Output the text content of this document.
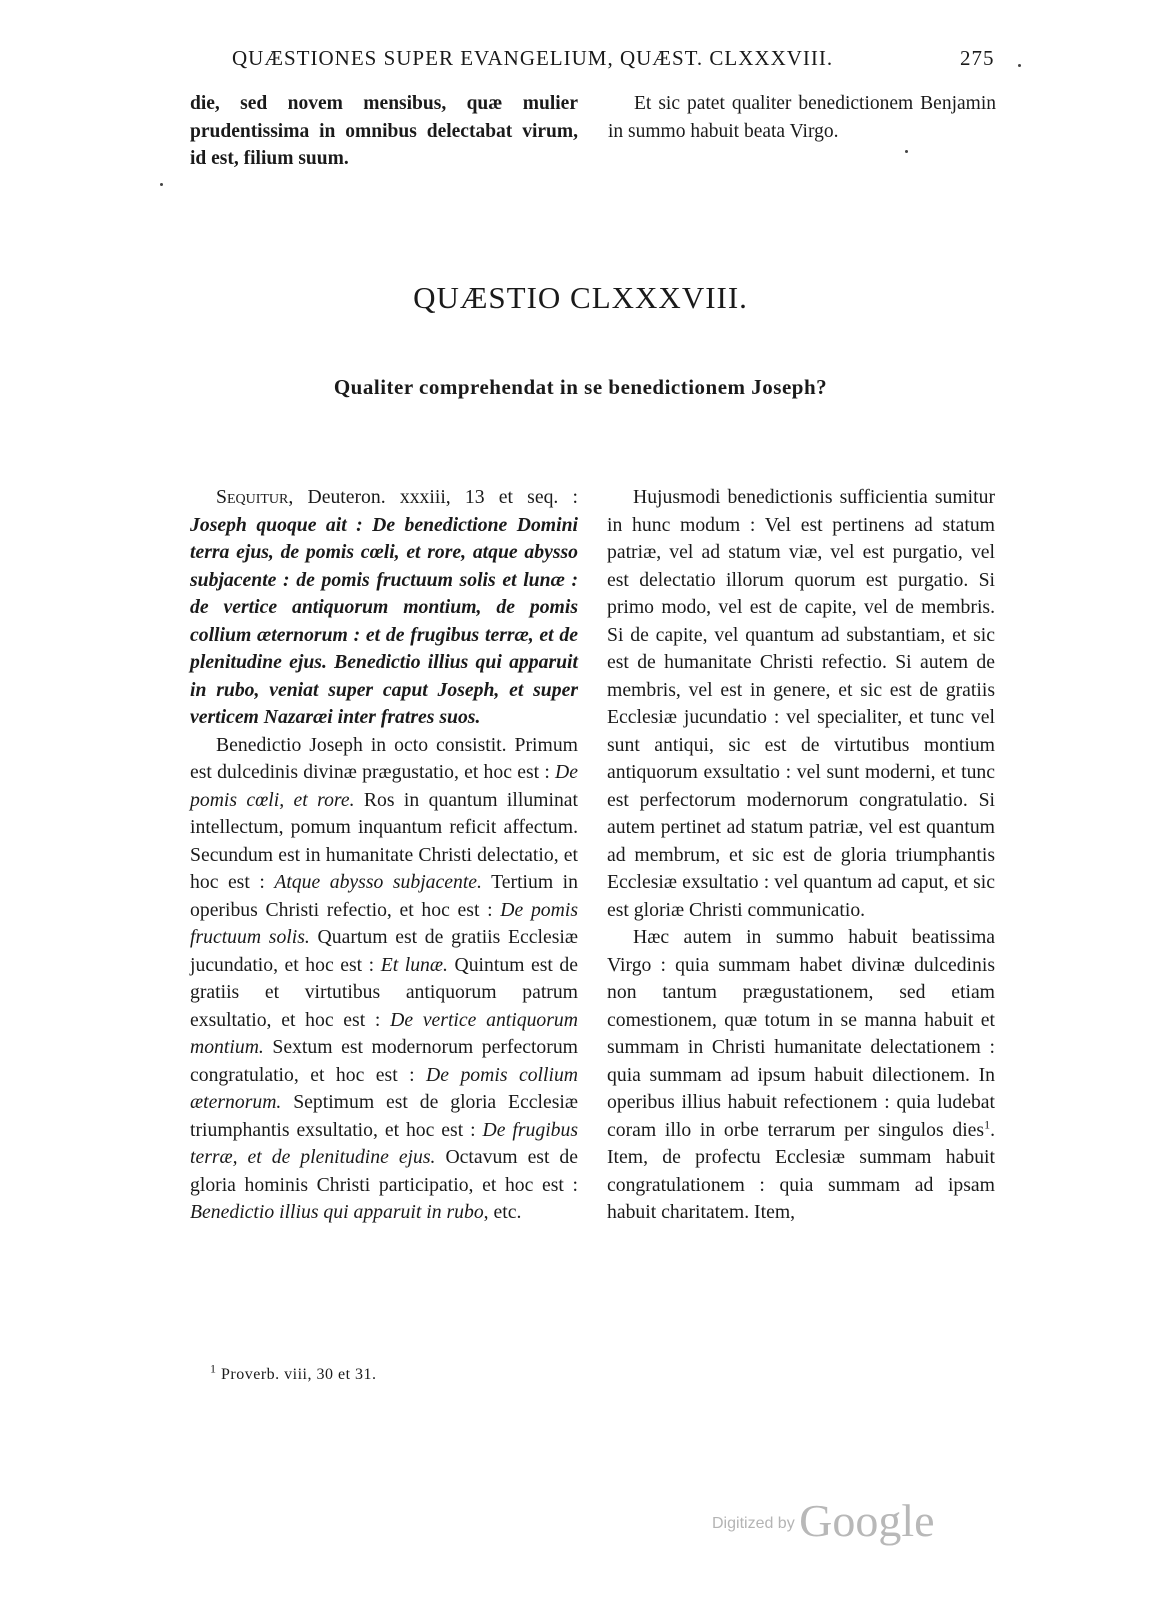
QUÆSTIONES SUPER EVANGELIUM, QUÆST. CLXXXVIII.	275

die, sed novem mensibus, quæ mulier prudentissima in omnibus delectabat virum, id est, filium suum.

Et sic patet qualiter benedictionem Benjamin in summo habuit beata Virgo.

QUÆSTIO CLXXXVIII.
Qualiter comprehendat in se benedictionem Joseph?

Sequitur, Deuteron. xxxiii, 13 et seq. : Joseph quoque ait : De benedictione Domini terra ejus, de pomis cœli, et rore, atque abysso subjacente : de pomis fructuum solis et lunæ : de vertice antiquorum montium, de pomis collium æternorum : et de frugibus terræ, et de plenitudine ejus. Benedictio illius qui apparuit in rubo, veniat super caput Joseph, et super verticem Nazaræi inter fratres suos.

Benedictio Joseph in octo consistit. Primum est dulcedinis divinæ prægustatio, et hoc est : De pomis cœli, et rore. Ros in quantum illuminat intellectum, pomum inquantum reficit affectum. Secundum est in humanitate Christi delectatio, et hoc est : Atque abysso subjacente. Tertium in operibus Christi refectio, et hoc est : De pomis fructuum solis. Quartum est de gratiis Ecclesiæ jucundatio, et hoc est : Et lunæ. Quintum est de gratiis et virtutibus antiquorum patrum exsultatio, et hoc est : De vertice antiquorum montium. Sextum est modernorum perfectorum congratulatio, et hoc est : De pomis collium æternorum. Septimum est de gloria Ecclesiæ triumphantis exsultatio, et hoc est : De frugibus terræ, et de plenitudine ejus. Octavum est de gloria hominis Christi participatio, et hoc est : Benedictio illius qui apparuit in rubo, etc.

Hujusmodi benedictionis sufficientia sumitur in hunc modum : Vel est pertinens ad statum patriæ, vel ad statum viæ, vel est purgatio, vel est delectatio illorum quorum est purgatio. Si primo modo, vel est de capite, vel de membris. Si de capite, vel quantum ad substantiam, et sic est de humanitate Christi refectio. Si autem de membris, vel est in genere, et sic est de gratiis Ecclesiæ jucundatio : vel specialiter, et tunc vel sunt antiqui, sic est de virtutibus montium antiquorum exsultatio : vel sunt moderni, et tunc est perfectorum modernorum congratulatio. Si autem pertinet ad statum patriæ, vel est quantum ad membrum, et sic est de gloria triumphantis Ecclesiæ exsultatio : vel quantum ad caput, et sic est gloriæ Christi communicatio.

Hæc autem in summo habuit beatissima Virgo : quia summam habet divinæ dulcedinis non tantum prægustationem, sed etiam comestionem, quæ totum in se manna habuit et summam in Christi humanitate delectationem : quia summam ad ipsum habuit dilectionem. In operibus illius habuit refectionem : quia ludebat coram illo in orbe terrarum per singulos dies$^1$. Item, de profectu Ecclesiæ summam habuit congratulationem : quia summam ad ipsam habuit charitatem. Item,

$^1$ Proverb. viii, 30 et 31.
Digitized by Google
